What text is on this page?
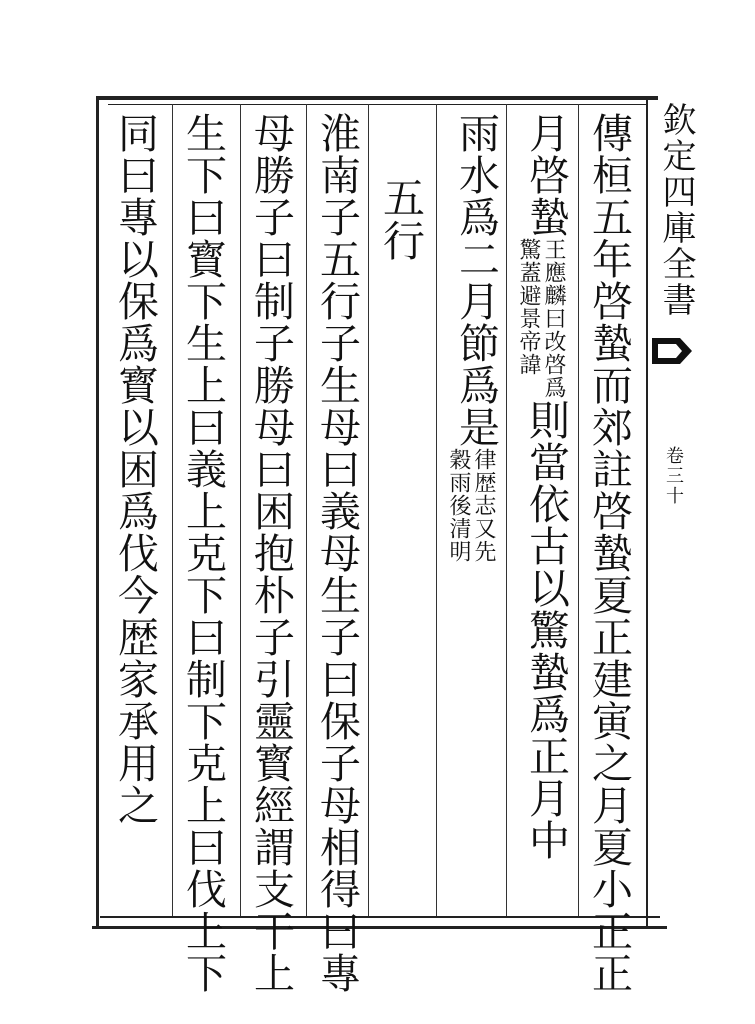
欽定四庫全書
卷三十
傳桓五年啓蟄而郊註啓蟄夏正建寅之月夏小正正
月啓蟄王應麟曰改啓爲
驚蓋避景帝諱則當依古以驚蟄爲正月中
雨水爲二月節爲是律歴志又先
穀雨後清明
五行
淮南子五行子生母曰義母生子曰保子母相得曰專
母勝子曰制子勝母曰困抱朴子引靈寳經謂支干上
生下曰寳下生上曰義上克下曰制下克上曰伐上下
同曰專以保爲寳以困爲伐今歴家承用之
